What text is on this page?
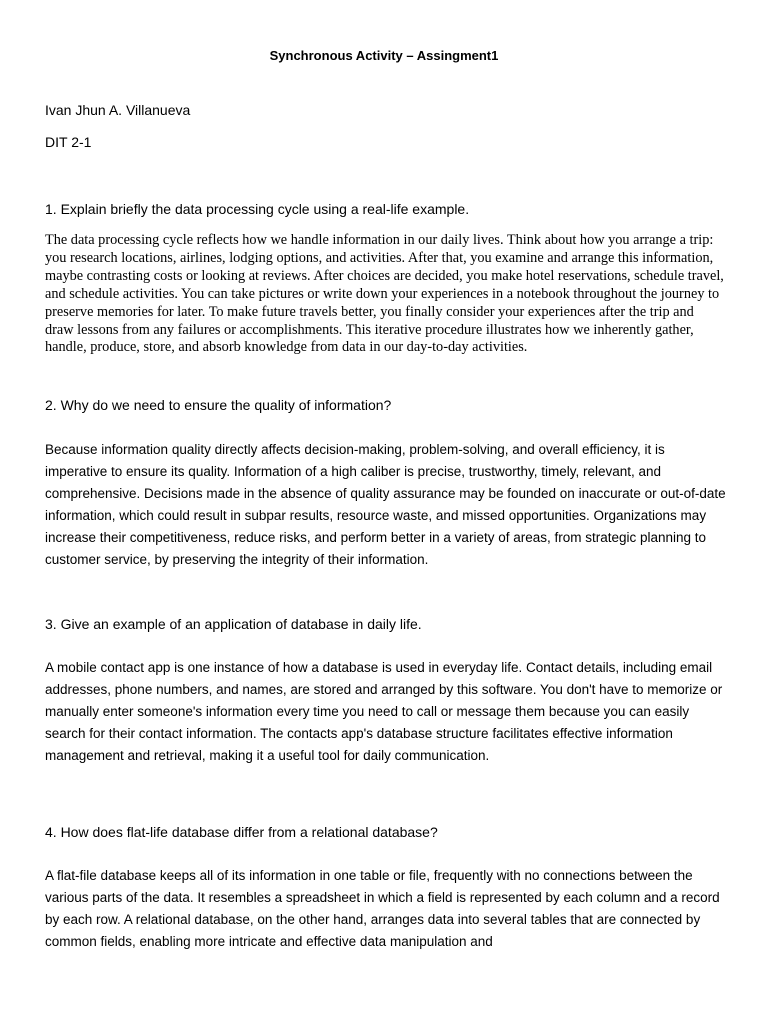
Synchronous Activity – Assingment1
Ivan Jhun A. Villanueva
DIT 2-1
1. Explain briefly the data processing cycle using a real-life example.

The data processing cycle reflects how we handle information in our daily lives. Think about how you arrange a trip: you research locations, airlines, lodging options, and activities. After that, you examine and arrange this information, maybe contrasting costs or looking at reviews. After choices are decided, you make hotel reservations, schedule travel, and schedule activities. You can take pictures or write down your experiences in a notebook throughout the journey to preserve memories for later. To make future travels better, you finally consider your experiences after the trip and draw lessons from any failures or accomplishments. This iterative procedure illustrates how we inherently gather, handle, produce, store, and absorb knowledge from data in our day-to-day activities.

2. Why do we need to ensure the quality of information?

Because information quality directly affects decision-making, problem-solving, and overall efficiency, it is imperative to ensure its quality. Information of a high caliber is precise, trustworthy, timely, relevant, and comprehensive. Decisions made in the absence of quality assurance may be founded on inaccurate or out-of-date information, which could result in subpar results, resource waste, and missed opportunities. Organizations may increase their competitiveness, reduce risks, and perform better in a variety of areas, from strategic planning to customer service, by preserving the integrity of their information.

3. Give an example of an application of database in daily life.

A mobile contact app is one instance of how a database is used in everyday life. Contact details, including email addresses, phone numbers, and names, are stored and arranged by this software. You don't have to memorize or manually enter someone's information every time you need to call or message them because you can easily search for their contact information. The contacts app's database structure facilitates effective information management and retrieval, making it a useful tool for daily communication.

4. How does flat-life database differ from a relational database?

A flat-file database keeps all of its information in one table or file, frequently with no connections between the various parts of the data. It resembles a spreadsheet in which a field is represented by each column and a record by each row. A relational database, on the other hand, arranges data into several tables that are connected by common fields, enabling more intricate and effective data manipulation and
